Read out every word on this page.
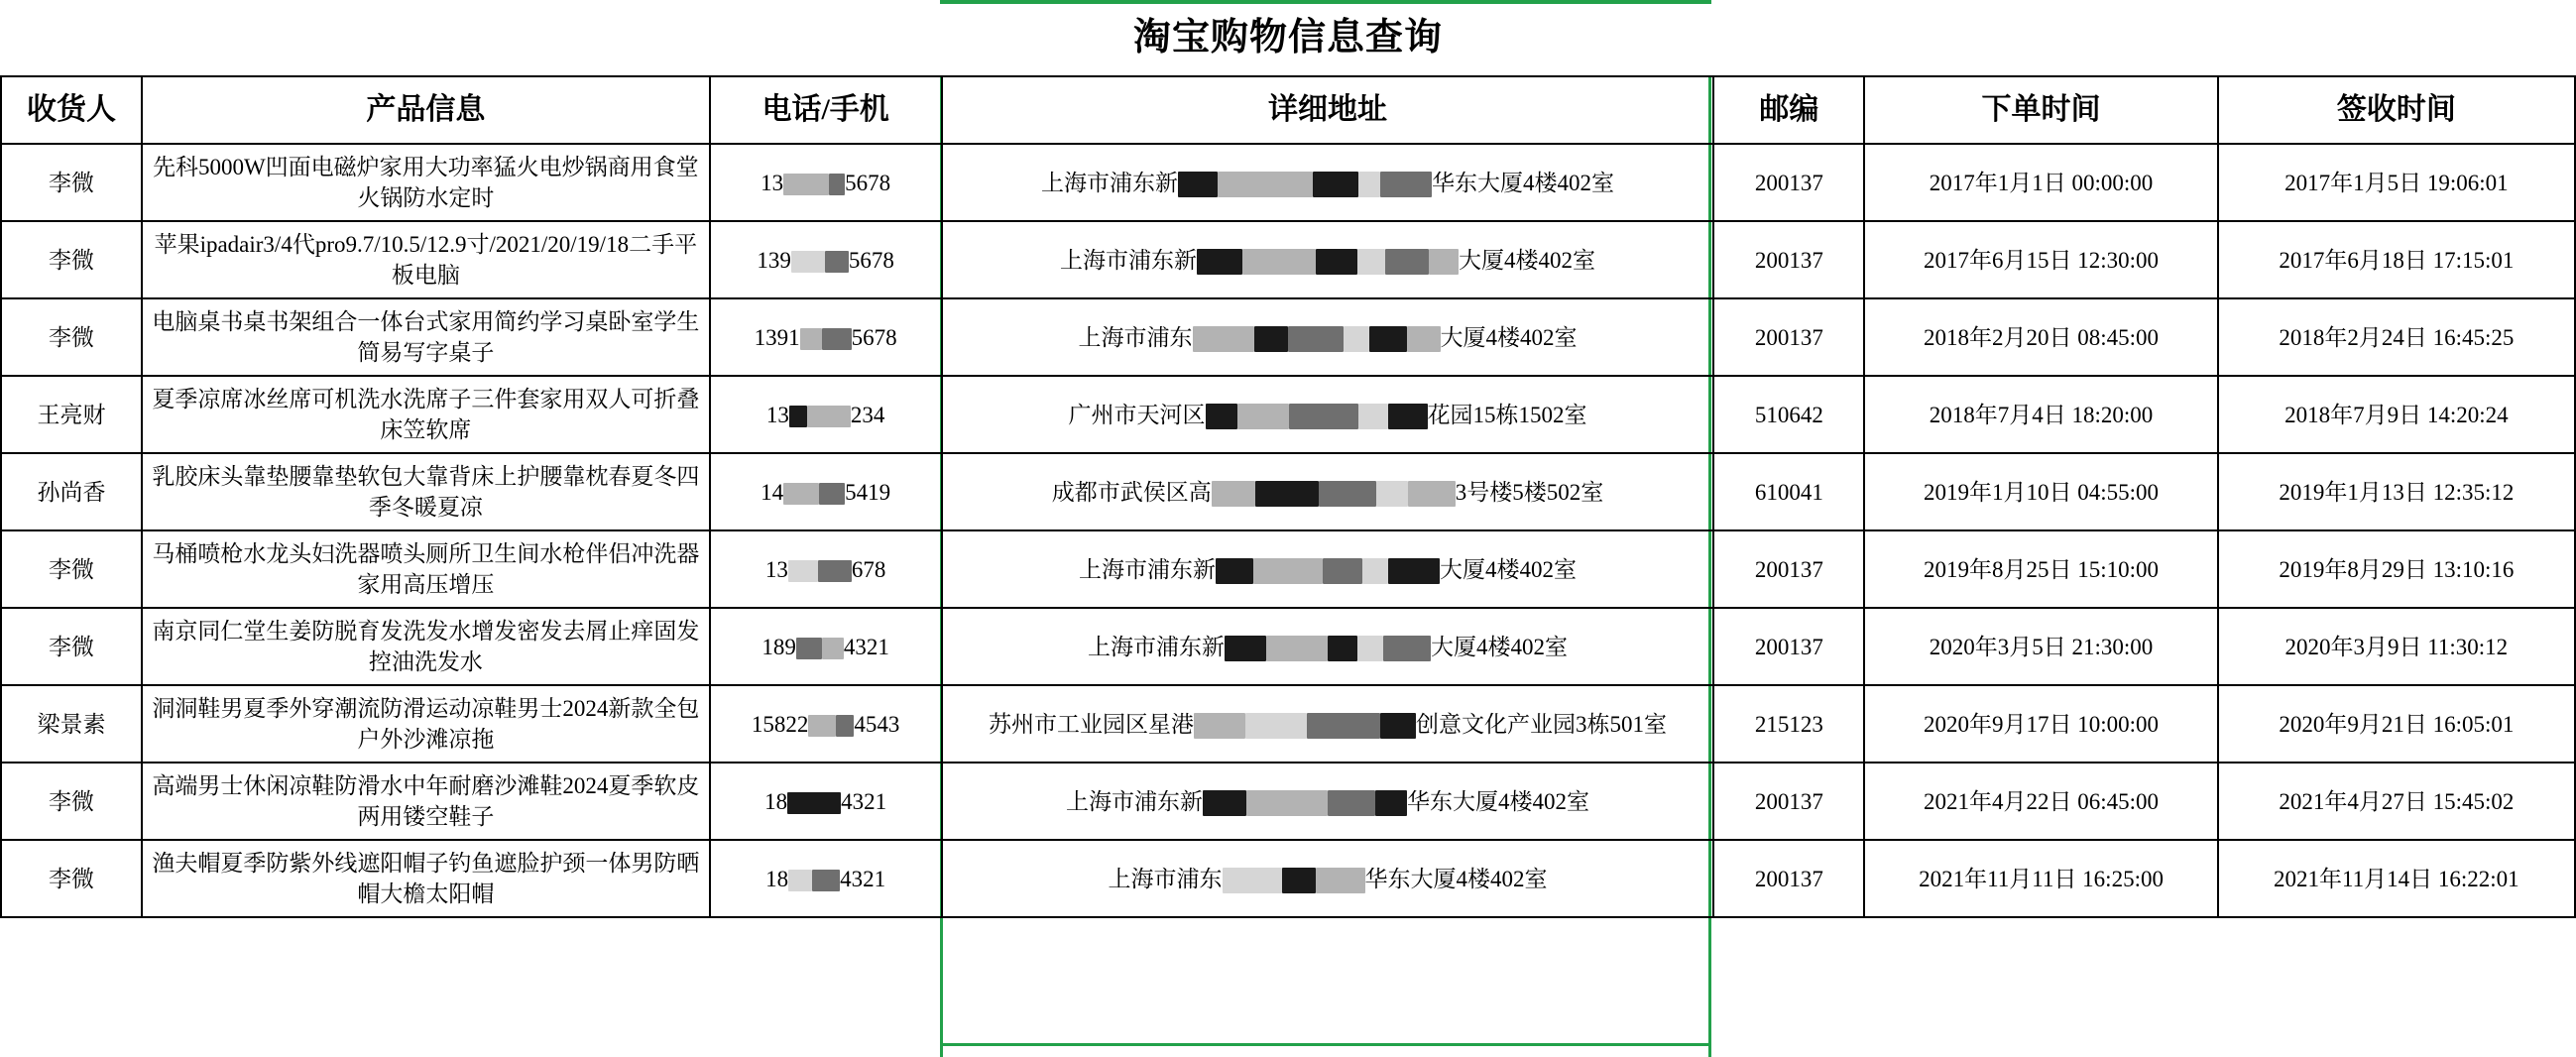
淘宝购物信息查询
收货人	产品信息	电话/手机	详细地址	邮编	下单时间	签收时间
李微	先科5000W凹面电磁炉家用大功率猛火电炒锅商用食堂火锅防水定时	13 5678	上海市浦东新 华东大厦4楼402室	200137	2017年1月1日 00:00:00	2017年1月5日 19:06:01
李微	苹果ipadair3/4代pro9.7/10.5/12.9寸/2021/20/19/18二手平板电脑	139 5678	上海市浦东新 大厦4楼402室	200137	2017年6月15日 12:30:00	2017年6月18日 17:15:01
李微	电脑桌书桌书架组合一体台式家用简约学习桌卧室学生简易写字桌子	1391 5678	上海市浦东 大厦4楼402室	200137	2018年2月20日 08:45:00	2018年2月24日 16:45:25
王亮财	夏季凉席冰丝席可机洗水洗席子三件套家用双人可折叠床笠软席	13 234	广州市天河区 花园15栋1502室	510642	2018年7月4日 18:20:00	2018年7月9日 14:20:24
孙尚香	乳胶床头靠垫腰靠垫软包大靠背床上护腰靠枕春夏冬四季冬暖夏凉	14 5419	成都市武侯区高 3号楼5楼502室	610041	2019年1月10日 04:55:00	2019年1月13日 12:35:12
李微	马桶喷枪水龙头妇洗器喷头厕所卫生间水枪伴侣冲洗器家用高压增压	13 678	上海市浦东新 大厦4楼402室	200137	2019年8月25日 15:10:00	2019年8月29日 13:10:16
李微	南京同仁堂生姜防脱育发洗发水增发密发去屑止痒固发控油洗发水	189 4321	上海市浦东新 大厦4楼402室	200137	2020年3月5日 21:30:00	2020年3月9日 11:30:12
梁景素	洞洞鞋男夏季外穿潮流防滑运动凉鞋男士2024新款全包户外沙滩凉拖	15822 4543	苏州市工业园区星港 创意文化产业园3栋501室	215123	2020年9月17日 10:00:00	2020年9月21日 16:05:01
李微	高端男士休闲凉鞋防滑水中年耐磨沙滩鞋2024夏季软皮两用镂空鞋子	18 4321	上海市浦东新 华东大厦4楼402室	200137	2021年4月22日 06:45:00	2021年4月27日 15:45:02
李微	渔夫帽夏季防紫外线遮阳帽子钓鱼遮脸护颈一体男防晒帽大檐太阳帽	18 4321	上海市浦东 华东大厦4楼402室	200137	2021年11月11日 16:25:00	2021年11月14日 16:22:01
